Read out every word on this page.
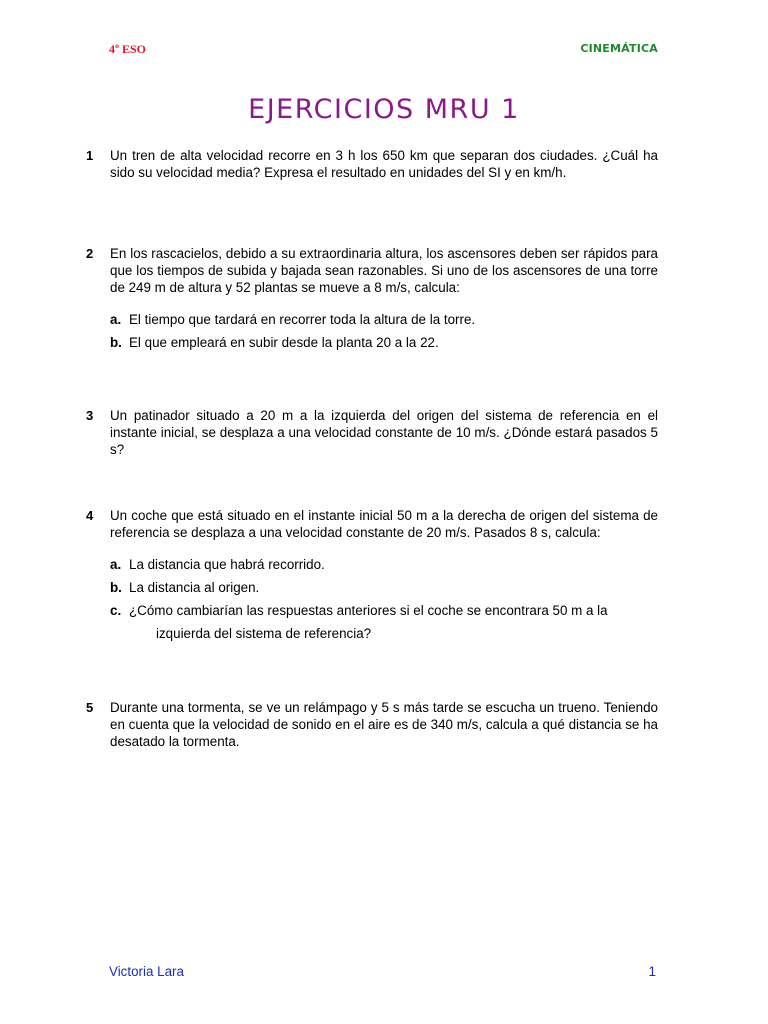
4º ESO	CINEMÁTICA
EJERCICIOS MRU 1
1 Un tren de alta velocidad recorre en 3 h los 650 km que separan dos ciudades. ¿Cuál ha sido su velocidad media? Expresa el resultado en unidades del SI y en km/h.
2 En los rascacielos, debido a su extraordinaria altura, los ascensores deben ser rápidos para que los tiempos de subida y bajada sean razonables. Si uno de los ascensores de una torre de 249 m de altura y 52 plantas se mueve a 8 m/s, calcula:
a. El tiempo que tardará en recorrer toda la altura de la torre.
b. El que empleará en subir desde la planta 20 a la 22.
3 Un patinador situado a 20 m a la izquierda del origen del sistema de referencia en el instante inicial, se desplaza a una velocidad constante de 10 m/s. ¿Dónde estará pasados 5 s?
4 Un coche que está situado en el instante inicial 50 m a la derecha de origen del sistema de referencia se desplaza a una velocidad constante de 20 m/s. Pasados 8 s, calcula:
a. La distancia que habrá recorrido.
b. La distancia al origen.
c. ¿Cómo cambiarían las respuestas anteriores si el coche se encontrara 50 m a la
izquierda del sistema de referencia?
5 Durante una tormenta, se ve un relámpago y 5 s más tarde se escucha un trueno. Teniendo en cuenta que la velocidad de sonido en el aire es de 340 m/s, calcula a qué distancia se ha desatado la tormenta.
Victoria Lara	1
